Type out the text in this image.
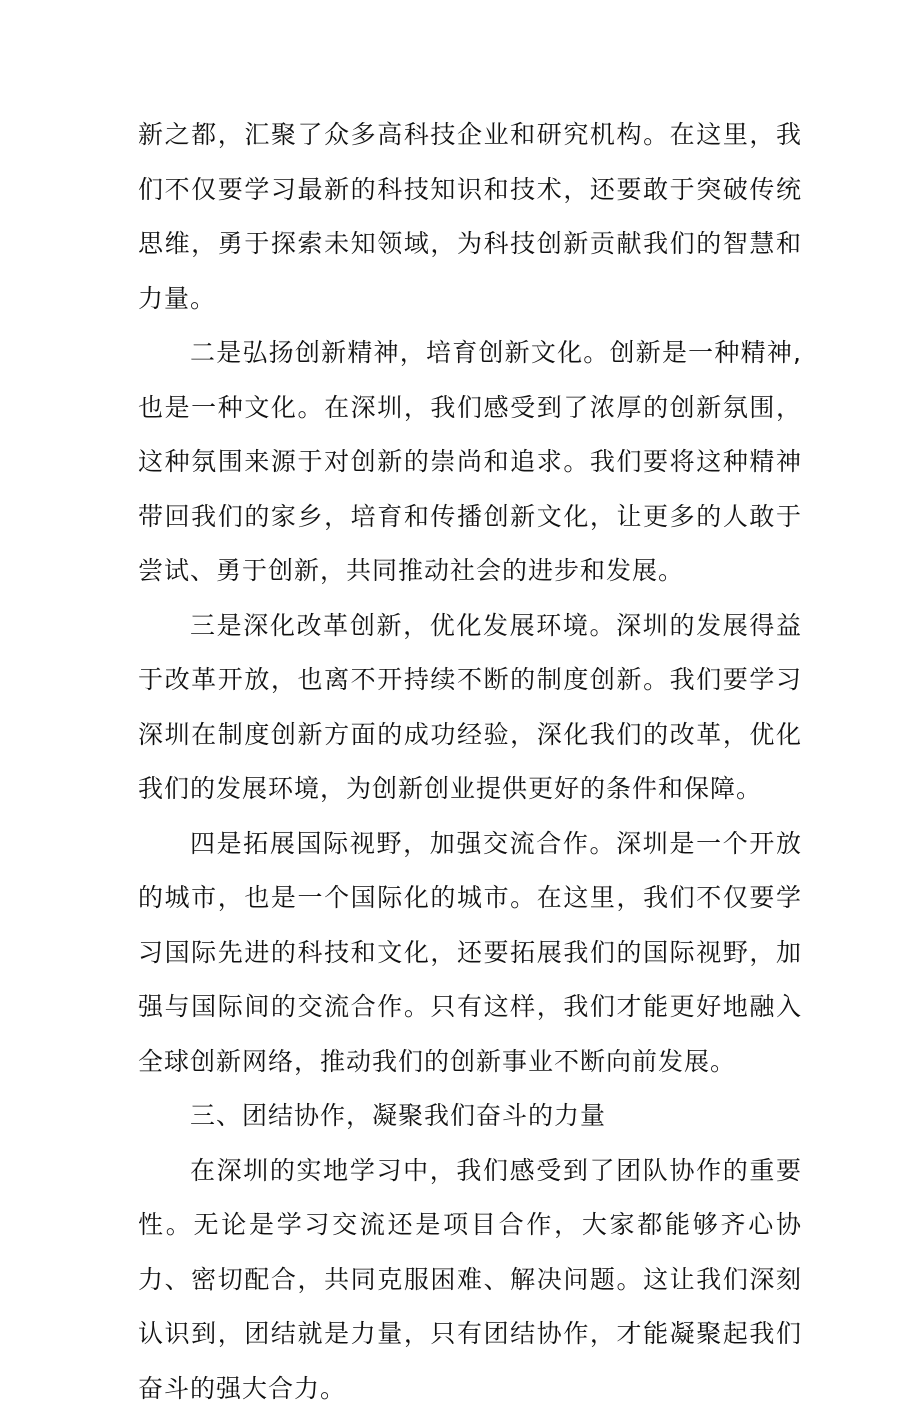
新之都，汇聚了众多高科技企业和研究机构。在这里，我们不仅要学习最新的科技知识和技术，还要敢于突破传统思维，勇于探索未知领域，为科技创新贡献我们的智慧和力量。

二是弘扬创新精神，培育创新文化。创新是一种精神,也是一种文化。在深圳，我们感受到了浓厚的创新氛围，这种氛围来源于对创新的崇尚和追求。我们要将这种精神带回我们的家乡，培育和传播创新文化，让更多的人敢于尝试、勇于创新，共同推动社会的进步和发展。

三是深化改革创新，优化发展环境。深圳的发展得益于改革开放，也离不开持续不断的制度创新。我们要学习深圳在制度创新方面的成功经验，深化我们的改革，优化我们的发展环境，为创新创业提供更好的条件和保障。

四是拓展国际视野，加强交流合作。深圳是一个开放的城市，也是一个国际化的城市。在这里，我们不仅要学习国际先进的科技和文化，还要拓展我们的国际视野，加强与国际间的交流合作。只有这样，我们才能更好地融入全球创新网络，推动我们的创新事业不断向前发展。

三、团结协作，凝聚我们奋斗的力量

在深圳的实地学习中，我们感受到了团队协作的重要性。无论是学习交流还是项目合作，大家都能够齐心协力、密切配合，共同克服困难、解决问题。这让我们深刻认识到，团结就是力量，只有团结协作，才能凝聚起我们奋斗的强大合力。
